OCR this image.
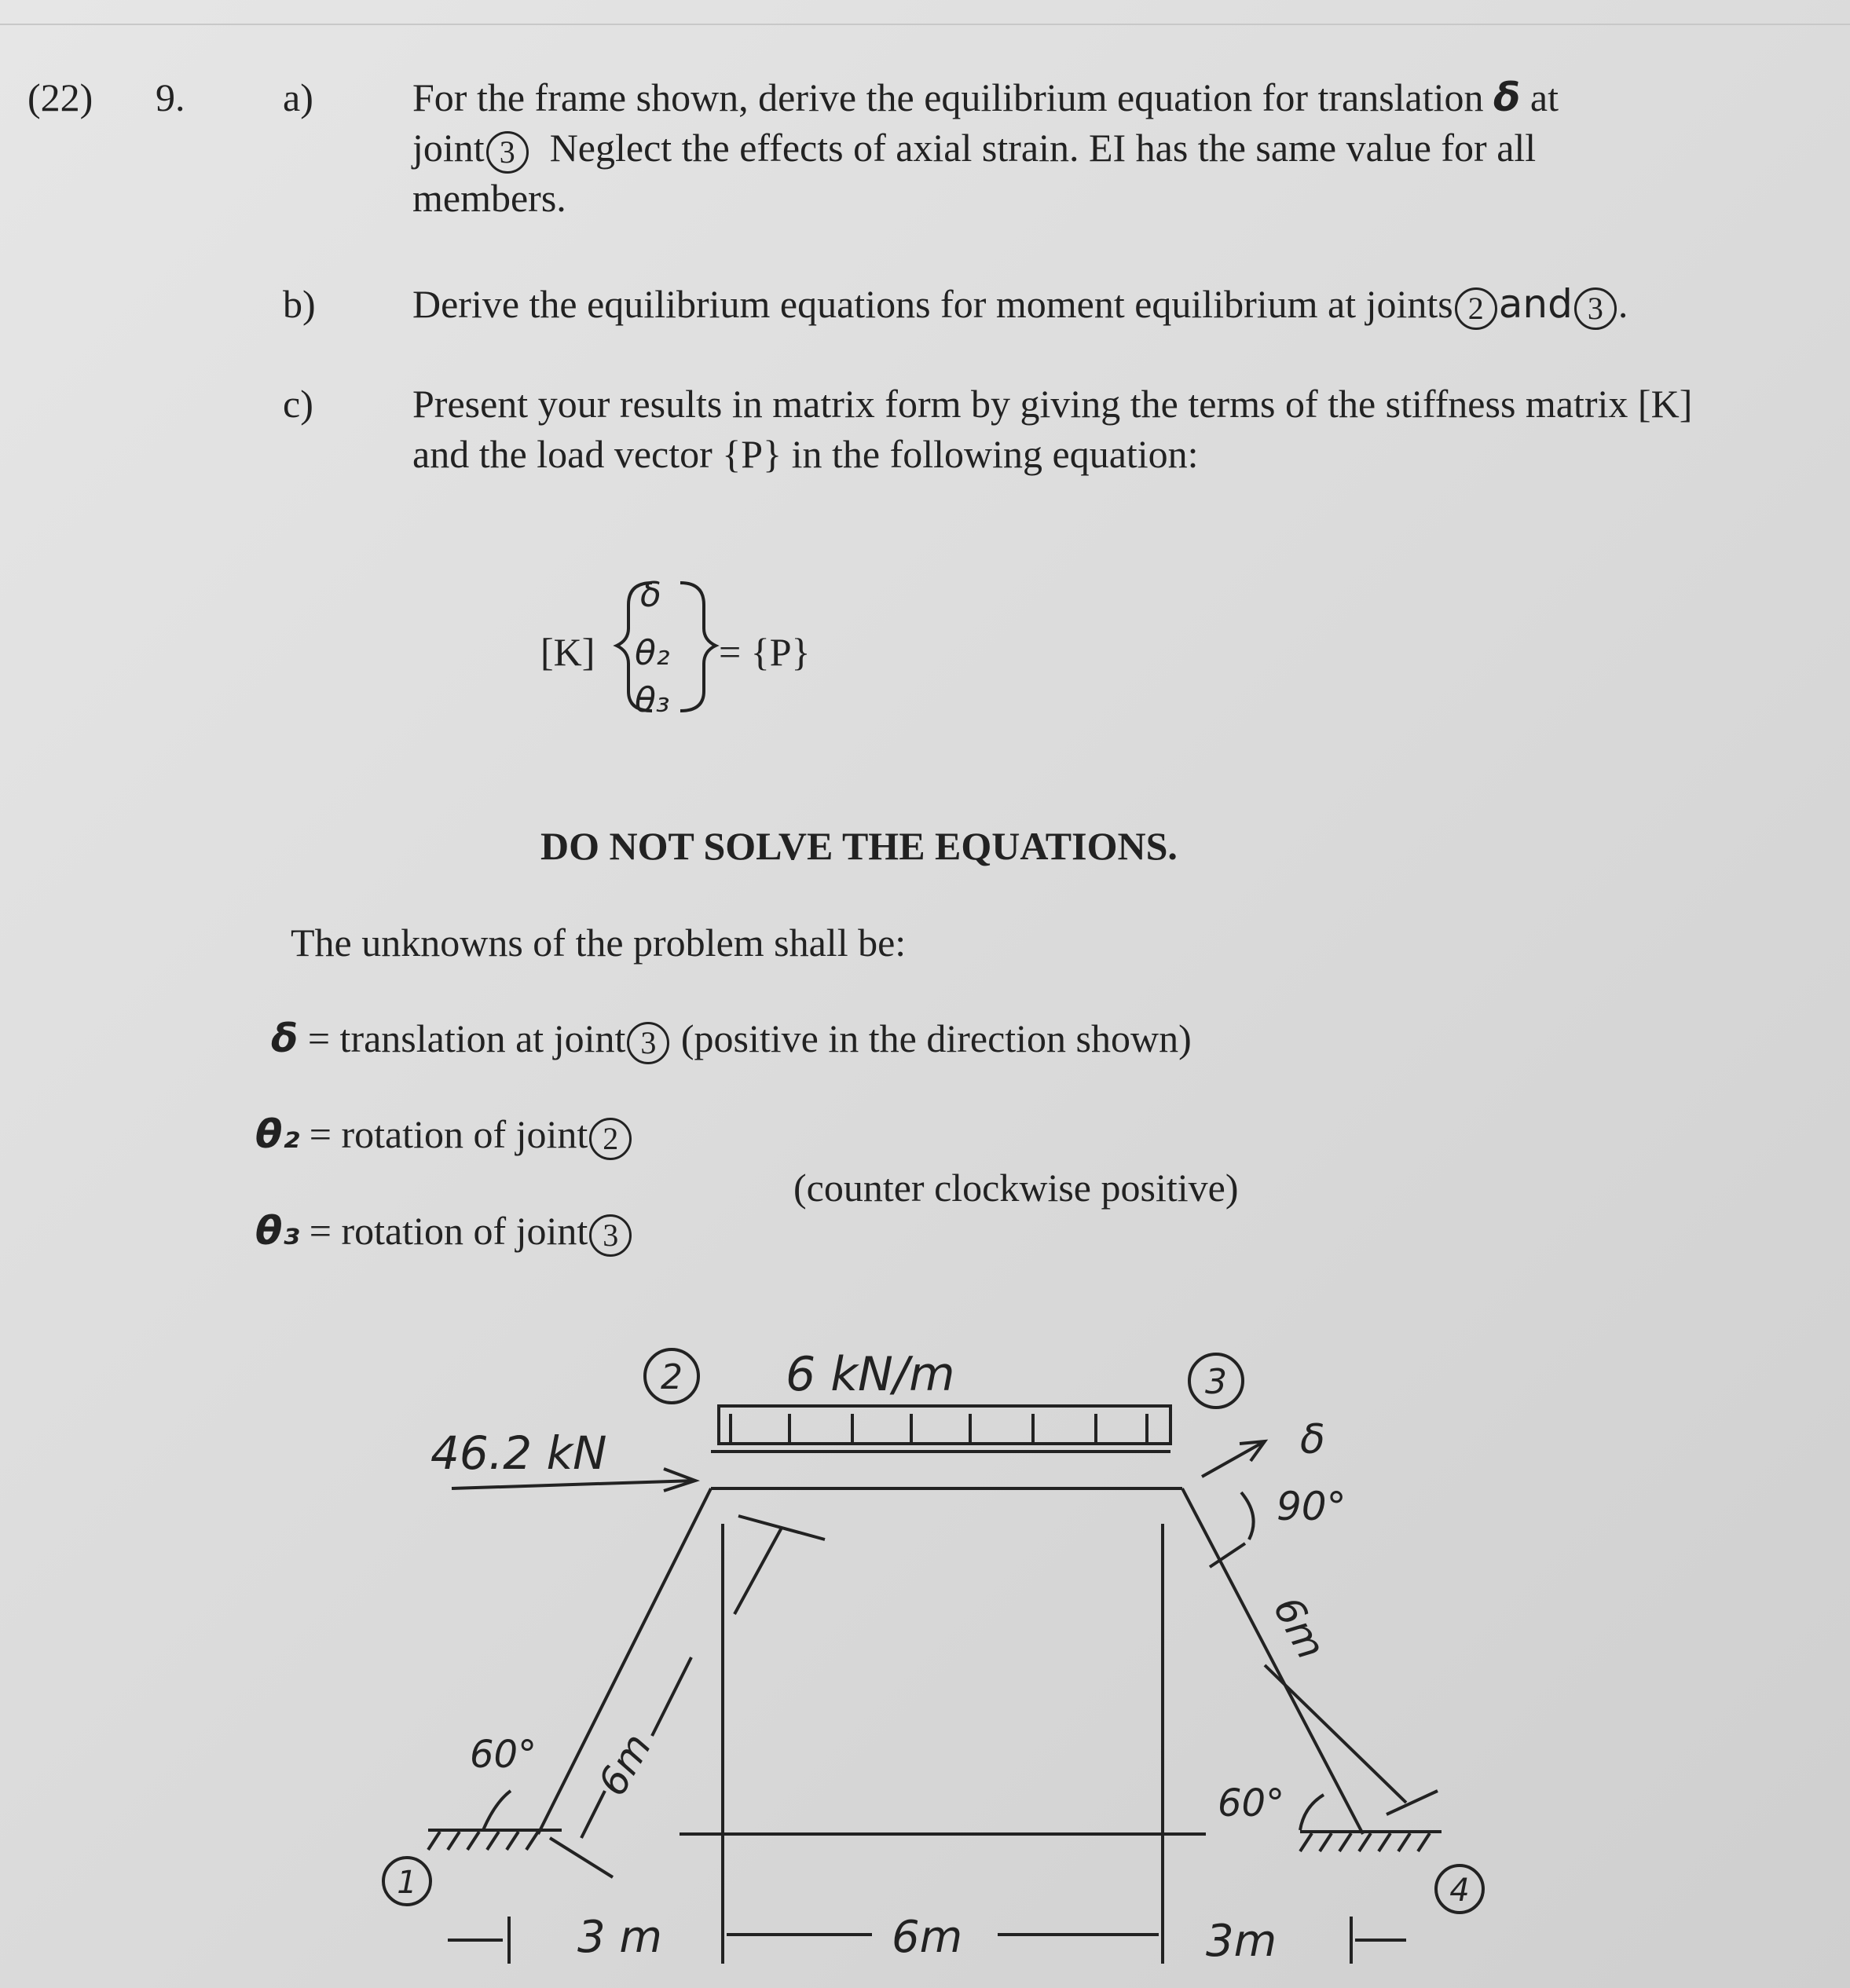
(22) 9. a)	For the frame shown, derive the equilibrium equation for translation δ at
joint 3 Neglect the effects of axial strain. EI has the same value for all
members.
b) Derive the equilibrium equations for moment equilibrium at joints 2 and 3 .
c)	Present your results in matrix form by giving the terms of the stiffness matrix [K]
and the load vector {P} in the following equation:
[K]	= {P}
δ
θ₂
θ₃
DO NOT SOLVE THE EQUATIONS.
The unknowns of the problem shall be:
δ = translation at joint 3 (positive in the direction shown)
θ₂ = rotation of joint 2
(counter clockwise positive)
θ₃ = rotation of joint 3
2	3
1	4
6 kN/m
46.2 kN	δ
90°
60°
60°
6m
6m
3 m	6m	3m
